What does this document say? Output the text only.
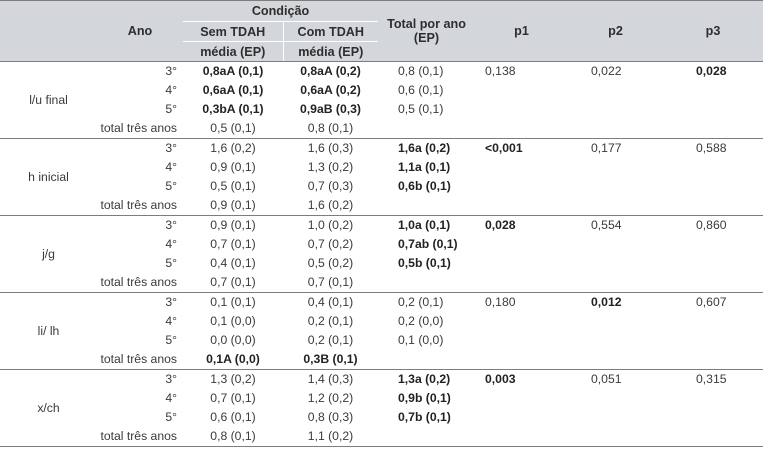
	Ano	Condição		Total por ano (EP)	p1	p2	p3
		Sem TDAH	Com TDAH				
		média (EP)	média (EP)				
l/u final	3°	0,8aA (0,1)	0,8aA (0,2)	0,8 (0,1)	0,138	0,022	0,028
	4°	0,6aA (0,1)	0,6aA (0,2)	0,6 (0,1)			
	5°	0,3bA (0,1)	0,9aB (0,3)	0,5 (0,1)			
	total três anos	0,5 (0,1)	0,8 (0,1)				
h inicial	3°	1,6 (0,2)	1,6 (0,3)	1,6a (0,2)	<0,001	0,177	0,588
	4°	0,9 (0,1)	1,3 (0,2)	1,1a (0,1)			
	5°	0,5 (0,1)	0,7 (0,3)	0,6b (0,1)			
	total três anos	0,9 (0,1)	1,6 (0,2)				
j/g	3°	0,9 (0,1)	1,0 (0,2)	1,0a (0,1)	0,028	0,554	0,860
	4°	0,7 (0,1)	0,7 (0,2)	0,7ab (0,1)			
	5°	0,4 (0,1)	0,5 (0,2)	0,5b (0,1)			
	total três anos	0,7 (0,1)	0,7 (0,1)				
li/ lh	3°	0,1 (0,1)	0,4 (0,1)	0,2 (0,1)	0,180	0,012	0,607
	4°	0,1 (0,0)	0,2 (0,1)	0,2 (0,0)			
	5°	0,0 (0,0)	0,2 (0,1)	0,1 (0,0)			
	total três anos	0,1A (0,0)	0,3B (0,1)				
x/ch	3°	1,3 (0,2)	1,4 (0,3)	1,3a (0,2)	0,003	0,051	0,315
	4°	0,7 (0,1)	1,2 (0,2)	0,9b (0,1)			
	5°	0,6 (0,1)	0,8 (0,3)	0,7b (0,1)			
	total três anos	0,8 (0,1)	1,1 (0,2)				
